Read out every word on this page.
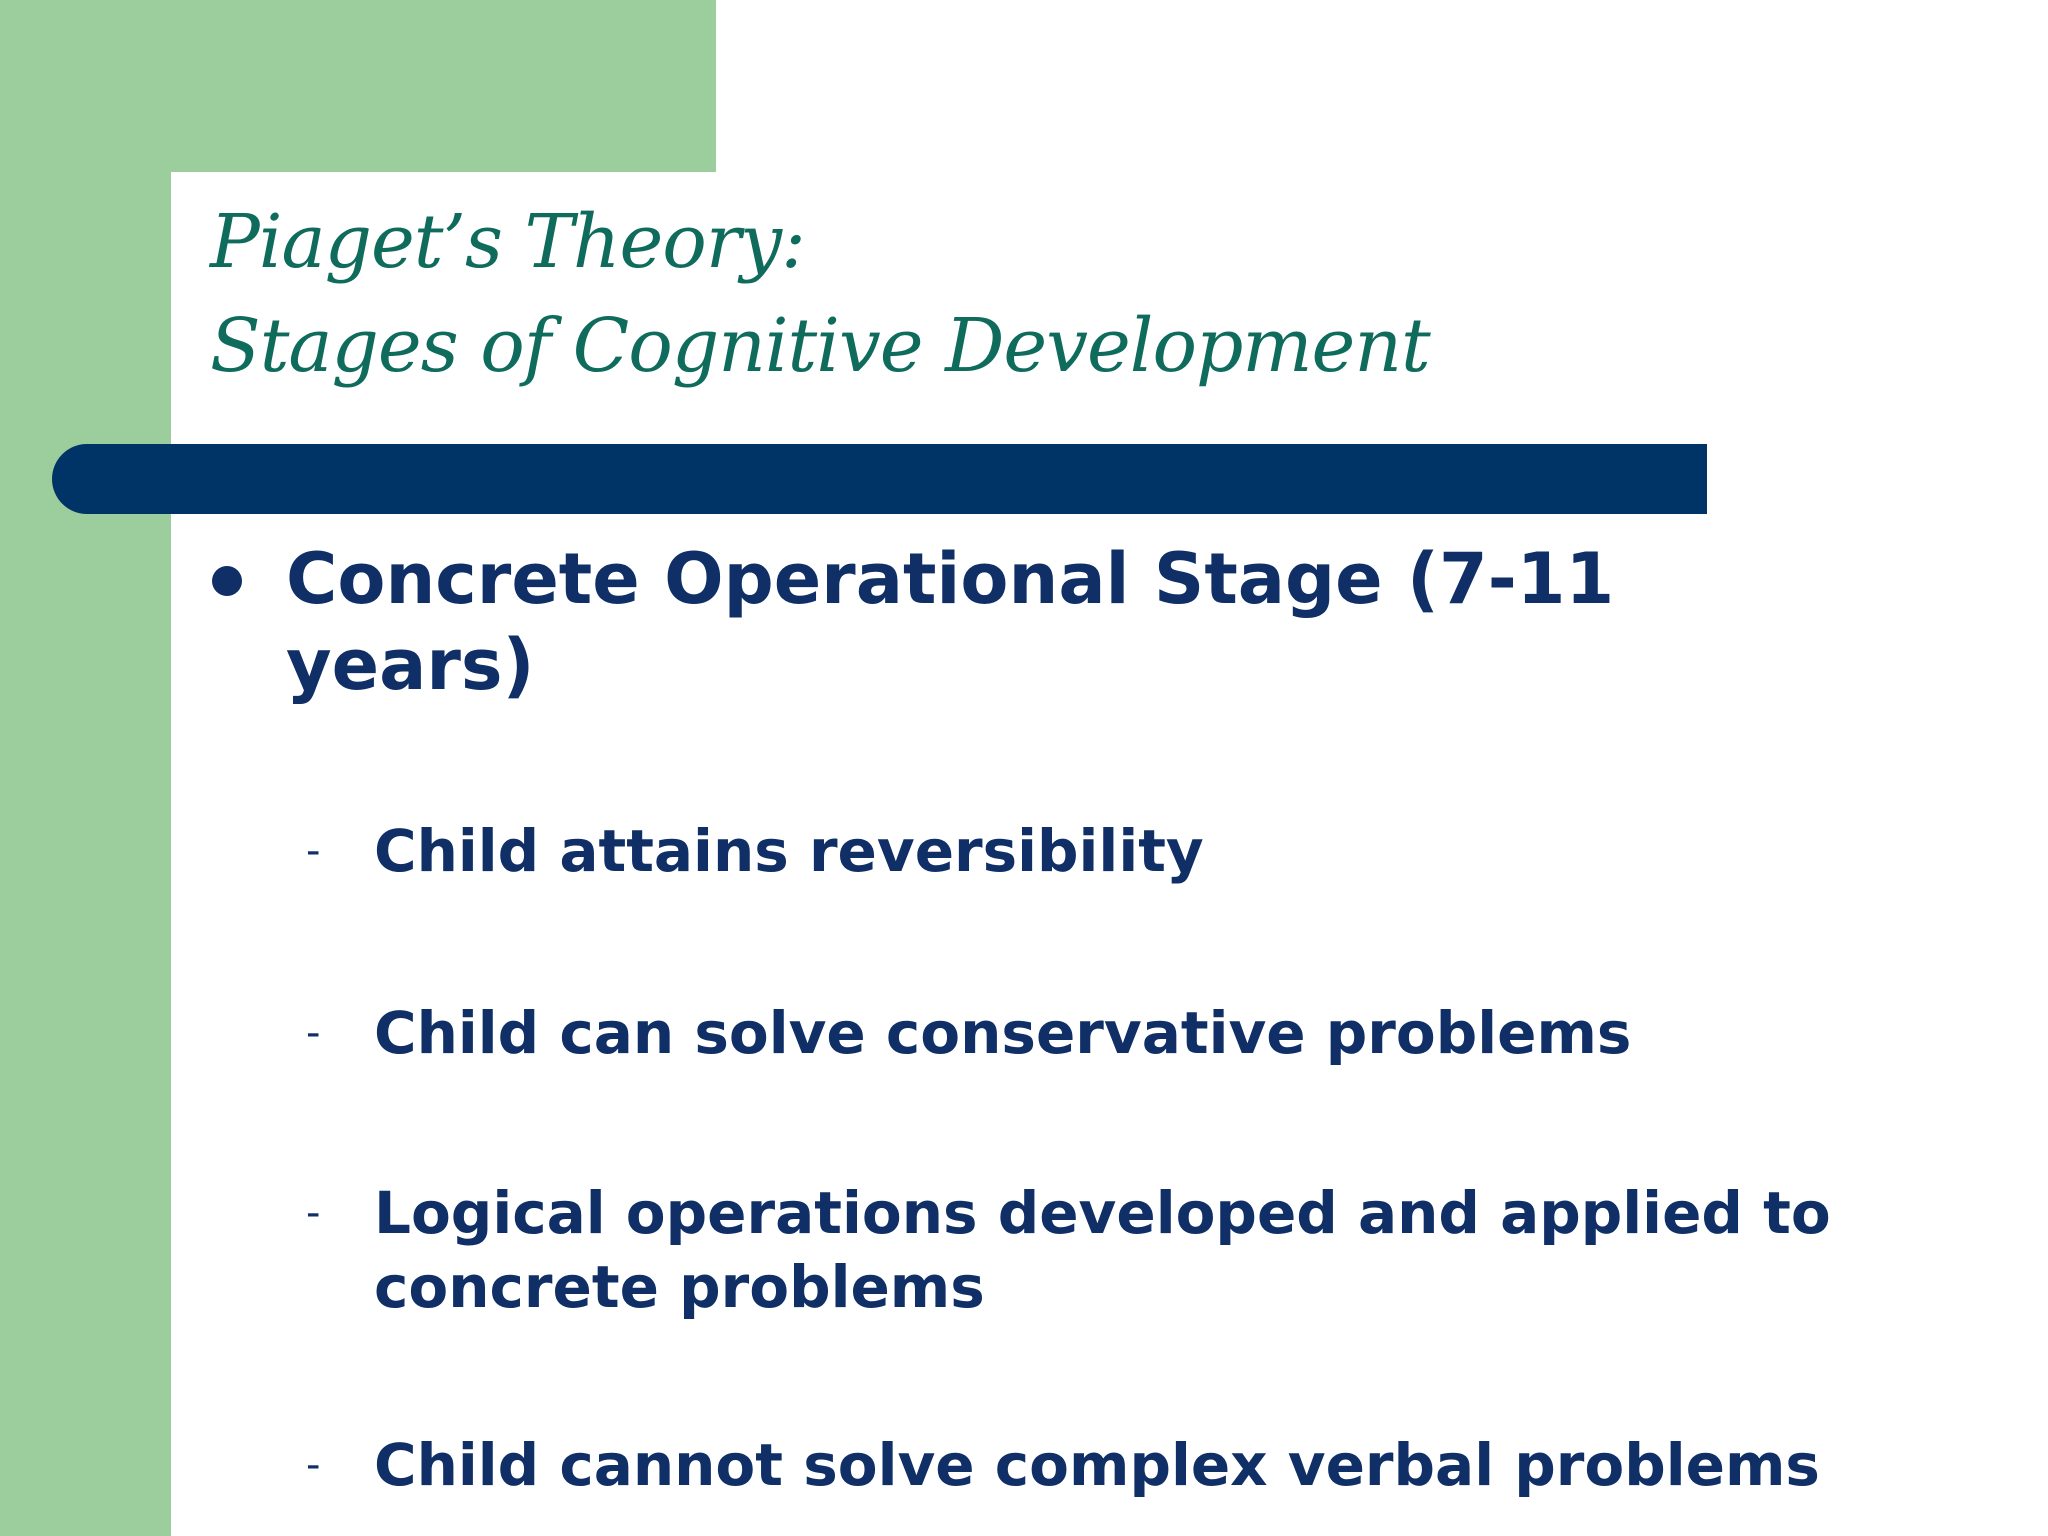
Piaget’s Theory:
Stages of Cognitive Development
Concrete Operational Stage (7-11 years)
- Child attains reversibility
- Child can solve conservative problems
- Logical operations developed and applied to concrete problems
- Child cannot solve complex verbal problems
